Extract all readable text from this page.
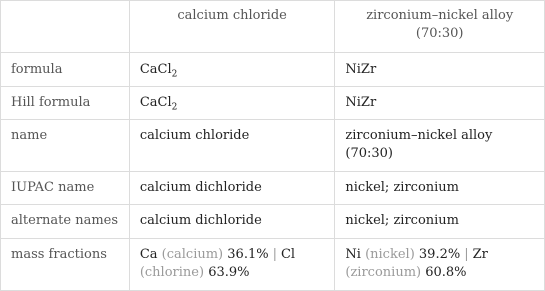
	calcium chloride	zirconium–nickel alloy (70:30)
formula	CaCl$_2$	NiZr
Hill formula	CaCl$_2$	NiZr
name	calcium chloride	zirconium–nickel alloy (70:30)
IUPAC name	calcium dichloride	nickel; zirconium
alternate names	calcium dichloride	nickel; zirconium
mass fractions	Ca (calcium) 36.1% | Cl (chlorine) 63.9%	Ni (nickel) 39.2% | Zr (zirconium) 60.8%
